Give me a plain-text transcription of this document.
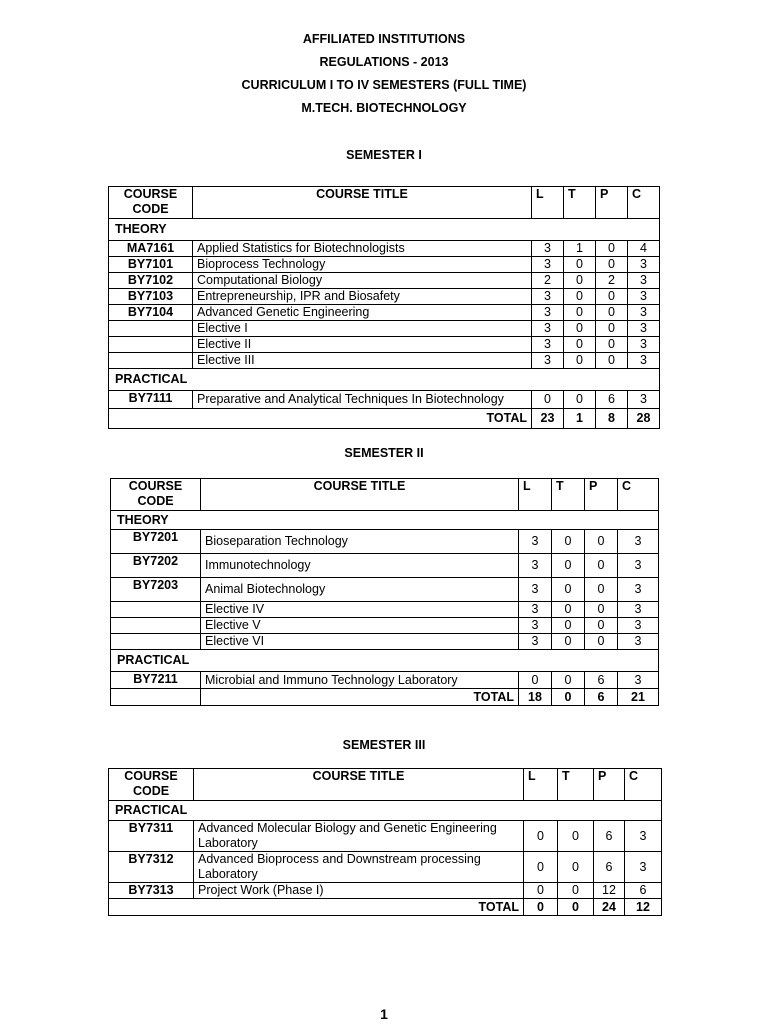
AFFILIATED INSTITUTIONS
REGULATIONS - 2013
CURRICULUM I TO IV SEMESTERS (FULL TIME)
M.TECH. BIOTECHNOLOGY
SEMESTER I
COURSE CODE	COURSE TITLE	L	T	P	C
THEORY					
MA7161	Applied Statistics for Biotechnologists	3	1	0	4
BY7101	Bioprocess Technology	3	0	0	3
BY7102	Computational Biology	2	0	2	3
BY7103	Entrepreneurship, IPR and Biosafety	3	0	0	3
BY7104	Advanced Genetic Engineering	3	0	0	3
	Elective I	3	0	0	3
	Elective II	3	0	0	3
	Elective III	3	0	0	3
PRACTICAL					
BY7111	Preparative and Analytical Techniques In Biotechnology	0	0	6	3
TOTAL		23	1	8	28
SEMESTER II
COURSE CODE	COURSE TITLE	L	T	P	C
THEORY					
BY7201	Bioseparation Technology	3	0	0	3
BY7202	Immunotechnology	3	0	0	3
BY7203	Animal Biotechnology	3	0	0	3
	Elective IV	3	0	0	3
	Elective V	3	0	0	3
	Elective VI	3	0	0	3
PRACTICAL					
BY7211	Microbial and Immuno Technology Laboratory	0	0	6	3
	TOTAL	18	0	6	21
SEMESTER III
COURSE CODE	COURSE TITLE	L	T	P	C
PRACTICAL					
BY7311	Advanced Molecular Biology and Genetic Engineering Laboratory	0	0	6	3
BY7312	Advanced Bioprocess and Downstream processing Laboratory	0	0	6	3
BY7313	Project Work (Phase I)	0	0	12	6
TOTAL		0	0	24	12
1
